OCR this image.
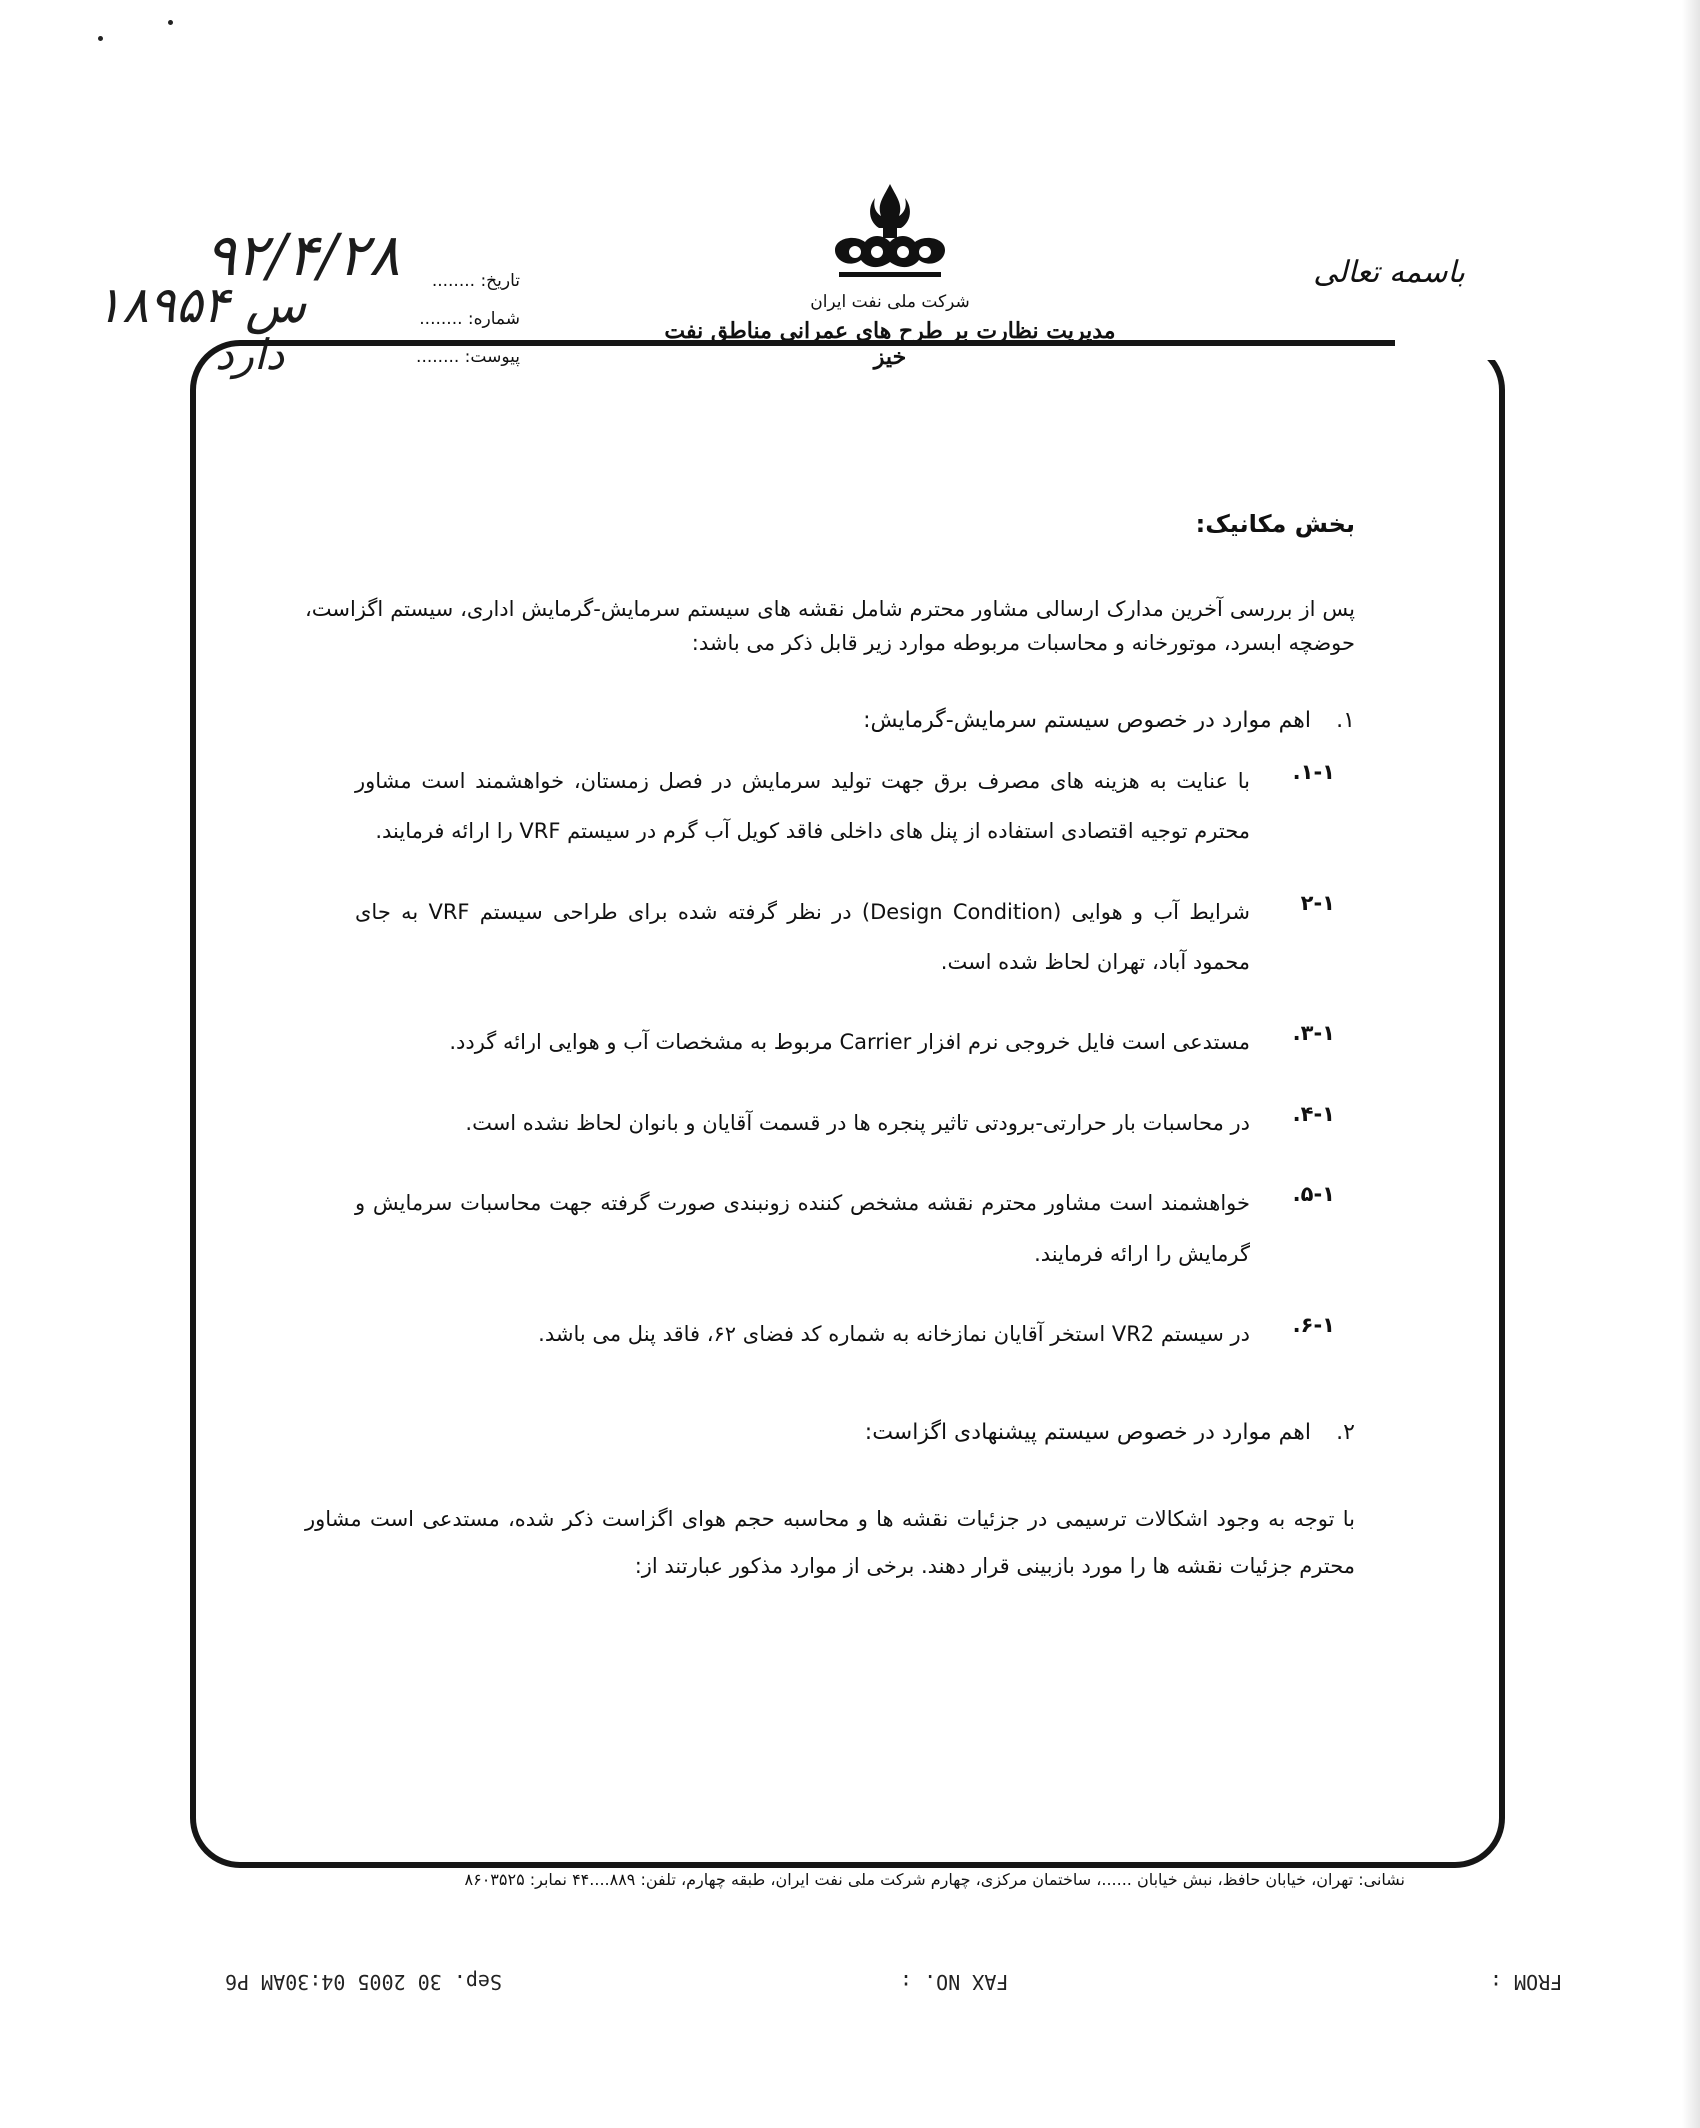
باسمه تعالی
شرکت ملی نفت ایران
مدیریت نظارت بر طرح های عمرانی مناطق نفت خیز
تاریخ: ........
شماره: ........
پیوست: ........
۹۲/۴/۲۸
س ۱۸۹۵۴
دارد
بخش مکانیک:
پس از بررسی آخرین مدارک ارسالی مشاور محترم شامل نقشه های سیستم سرمایش-گرمایش اداری، سیستم اگزاست، حوضچه ابسرد، موتورخانه و محاسبات مربوطه موارد زیر قابل ذکر می باشد:
۱.
اهم موارد در خصوص سیستم سرمایش-گرمایش:
۱-۱.
با عنایت به هزینه های مصرف برق جهت تولید سرمایش در فصل زمستان، خواهشمند است مشاور محترم توجیه اقتصادی استفاده از پنل های داخلی فاقد کویل آب گرم در سیستم VRF را ارائه فرمایند.
۲-۱
شرایط آب و هوایی (Design Condition) در نظر گرفته شده برای طراحی سیستم VRF به جای محمود آباد، تهران لحاظ شده است.
۳-۱.
مستدعی است فایل خروجی نرم افزار Carrier مربوط به مشخصات آب و هوایی ارائه گردد.
۴-۱.
در محاسبات بار حرارتی-برودتی تاثیر پنجره ها در قسمت آقایان و بانوان لحاظ نشده است.
۵-۱.
خواهشمند است مشاور محترم نقشه مشخص کننده زونبندی صورت گرفته جهت محاسبات سرمایش و گرمایش را ارائه فرمایند.
۶-۱.
در سیستم VR2 استخر آقایان نمازخانه به شماره کد فضای ۶۲، فاقد پنل می باشد.
۲.
اهم موارد در خصوص سیستم پیشنهادی اگزاست:
با توجه به وجود اشکالات ترسیمی در جزئیات نقشه ها و محاسبه حجم هوای اگزاست ذکر شده، مستدعی است مشاور محترم جزئیات نقشه ها را مورد بازبینی قرار دهند. برخی از موارد مذکور عبارتند از:
نشانی: تهران، خیابان حافظ، نبش خیابان ......، ساختمان مرکزی، چهارم شرکت ملی نفت ایران، طبقه چهارم، تلفن: ۸۸۹....۴۴ نمابر: ۸۶۰۳۵۲۵
FROM :
FAX NO. :
Sep. 30 2005 04:30AM P6
